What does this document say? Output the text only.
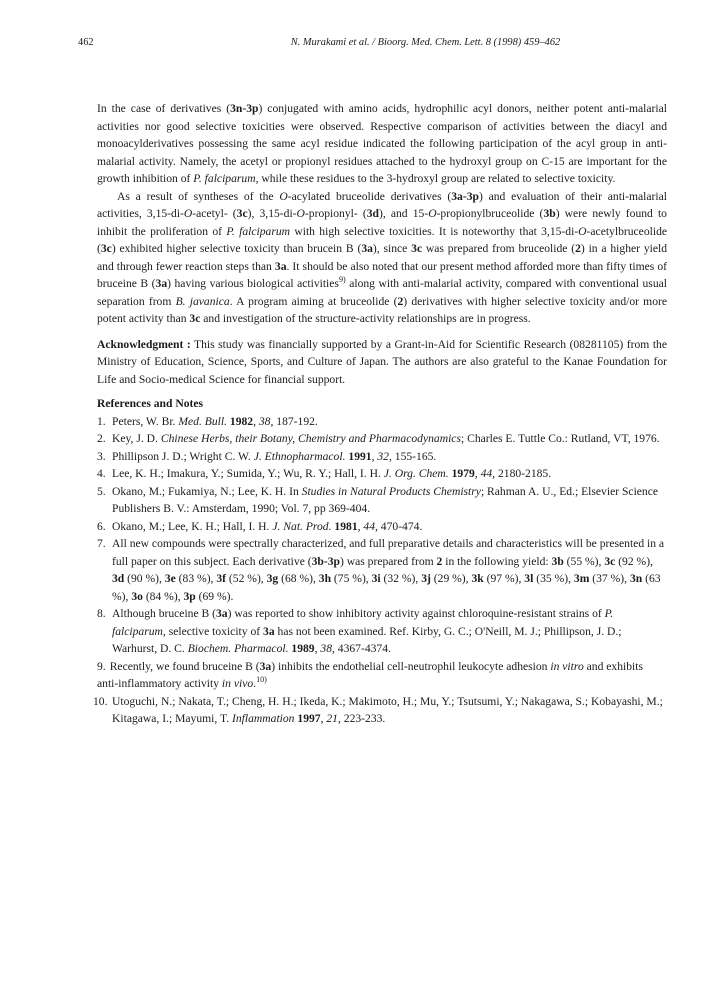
462	N. Murakami et al. / Bioorg. Med. Chem. Lett. 8 (1998) 459–462

In the case of derivatives (3n-3p) conjugated with amino acids, hydrophilic acyl donors, neither potent anti-malarial activities nor good selective toxicities were observed. Respective comparison of activities between the diacyl and monoacylderivatives possessing the same acyl residue indicated the following participation of the acyl group in anti-malarial activity. Namely, the acetyl or propionyl residues attached to the hydroxyl group on C-15 are important for the growth inhibition of P. falciparum, while these residues to the 3-hydroxyl group are related to selective toxicity.

As a result of syntheses of the O-acylated bruceolide derivatives (3a-3p) and evaluation of their anti-malarial activities, 3,15-di-O-acetyl- (3c), 3,15-di-O-propionyl- (3d), and 15-O-propionylbruceolide (3b) were newly found to inhibit the proliferation of P. falciparum with high selective toxicities. It is noteworthy that 3,15-di-O-acetylbruceolide (3c) exhibited higher selective toxicity than brucein B (3a), since 3c was prepared from bruceolide (2) in a higher yield and through fewer reaction steps than 3a. It should be also noted that our present method afforded more than fifty times of bruceine B (3a) having various biological activities$^{9)}$ along with anti-malarial activity, compared with conventional usual separation from B. javanica. A program aiming at bruceolide (2) derivatives with higher selective toxicity and/or more potent activity than 3c and investigation of the structure-activity relationships are in progress.

Acknowledgment : This study was financially supported by a Grant-in-Aid for Scientific Research (08281105) from the Ministry of Education, Science, Sports, and Culture of Japan. The authors are also grateful to the Kanae Foundation for Life and Socio-medical Science for financial support.

References and Notes

1. Peters, W. Br. Med. Bull. 1982, 38, 187-192.
2. Key, J. D. Chinese Herbs, their Botany, Chemistry and Pharmacodynamics; Charles E. Tuttle Co.: Rutland, VT, 1976.
3. Phillipson J. D.; Wright C. W. J. Ethnopharmacol. 1991, 32, 155-165.
4. Lee, K. H.; Imakura, Y.; Sumida, Y.; Wu, R. Y.; Hall, I. H. J. Org. Chem. 1979, 44, 2180-2185.
5. Okano, M.; Fukamiya, N.; Lee, K. H. In Studies in Natural Products Chemistry; Rahman A. U., Ed.; Elsevier Science Publishers B. V.: Amsterdam, 1990; Vol. 7, pp 369-404.
6. Okano, M.; Lee, K. H.; Hall, I. H. J. Nat. Prod. 1981, 44, 470-474.
7. All new compounds were spectrally characterized, and full preparative details and characteristics will be presented in a full paper on this subject. Each derivative (3b-3p) was prepared from 2 in the following yield: 3b (55 %), 3c (92 %), 3d (90 %), 3e (83 %), 3f (52 %), 3g (68 %), 3h (75 %), 3i (32 %), 3j (29 %), 3k (97 %), 3l (35 %), 3m (37 %), 3n (63 %), 3o (84 %), 3p (69 %).
8. Although bruceine B (3a) was reported to show inhibitory activity against chloroquine-resistant strains of P. falciparum, selective toxicity of 3a has not been examined. Ref. Kirby, G. C.; O'Neill, M. J.; Phillipson, J. D.; Warhurst, D. C. Biochem. Pharmacol. 1989, 38, 4367-4374.
9. Recently, we found bruceine B (3a) inhibits the endothelial cell-neutrophil leukocyte adhesion in vitro and exhibits anti-inflammatory activity in vivo.$^{10)}$
10. Utoguchi, N.; Nakata, T.; Cheng, H. H.; Ikeda, K.; Makimoto, H.; Mu, Y.; Tsutsumi, Y.; Nakagawa, S.; Kobayashi, M.; Kitagawa, I.; Mayumi, T. Inflammation 1997, 21, 223-233.
